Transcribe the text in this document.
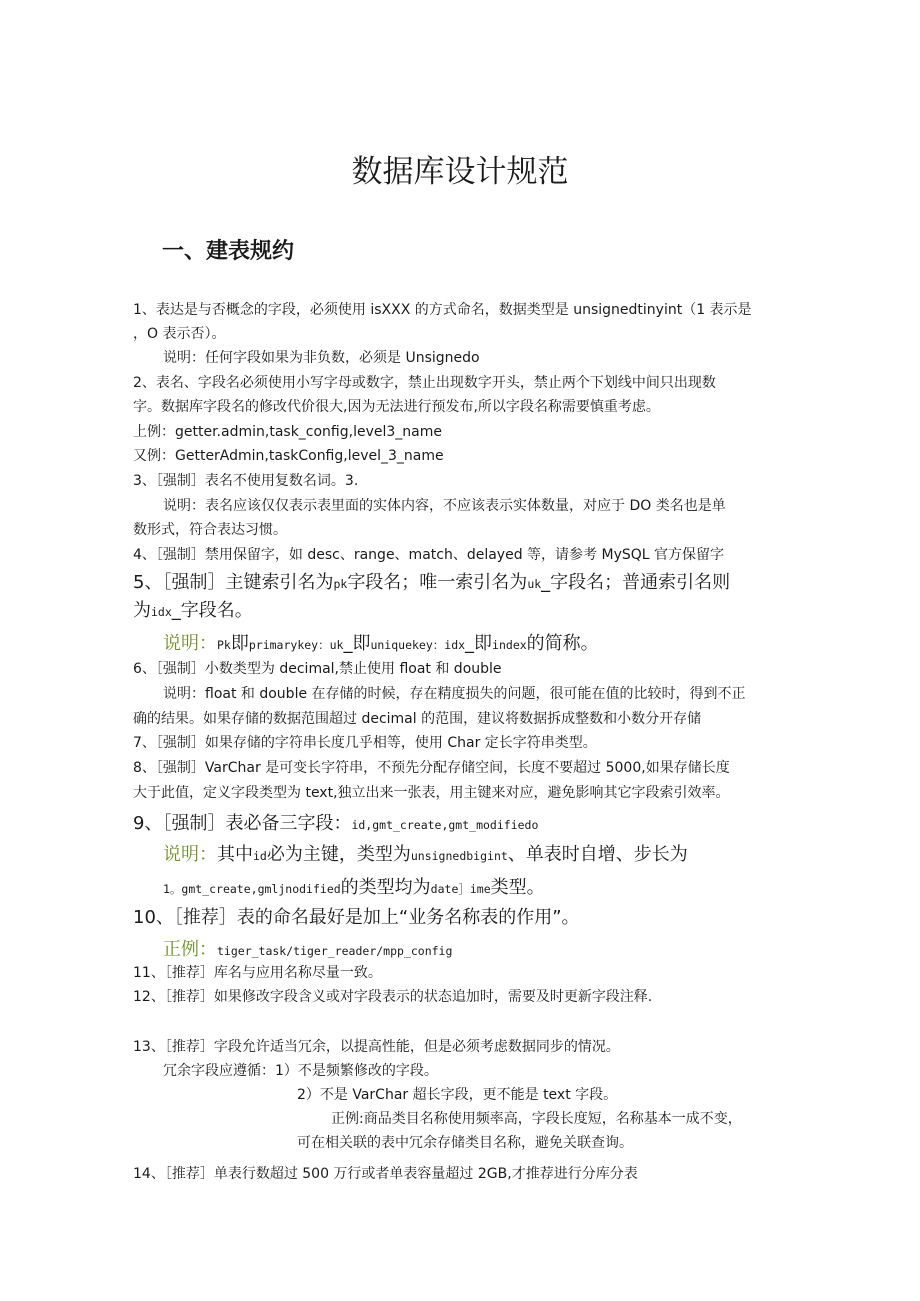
数据库设计规范
一、建表规约
1、表达是与否概念的字段，必须使用 isXXX 的方式命名，数据类型是 unsignedtinyint（1 表示是
，O 表示否）。
说明：任何字段如果为非负数，必须是 Unsignedo
2、表名、字段名必须使用小写字母或数字，禁止出现数字开头，禁止两个下划线中间只出现数
字。数据库字段名的修改代价很大,因为无法进行预发布,所以字段名称需要慎重考虑。
上例：getter.admin,task_config,level3_name
又例：GetterAdmin,taskConfig,level_3_name
3、［强制］表名不使用复数名词。3.
说明：表名应该仅仅表示表里面的实体内容，不应该表示实体数量，对应于 DO 类名也是单
数形式，符合表达习惯。
4、［强制］禁用保留字，如 desc、range、match、delayed 等，请参考 MySQL 官方保留字
5、［强制］主键索引名为pk字段名；唯一索引名为uk_字段名；普通索引名则
为idx_字段名。
说明：Pk即primarykey：uk_即uniquekey：idx_即index的简称。
6、［强制］小数类型为 decimal,禁止使用 float 和 double
说明：float 和 double 在存储的时候，存在精度损失的问题，很可能在值的比较时，得到不正
确的结果。如果存储的数据范围超过 decimal 的范围，建议将数据拆成整数和小数分开存储
7、［强制］如果存储的字符串长度几乎相等，使用 Char 定长字符串类型。
8、［强制］VarChar 是可变长字符串，不预先分配存储空间，长度不要超过 5000,如果存储长度
大于此值，定义字段类型为 text,独立出来一张表，用主键来对应，避免影响其它字段索引效率。
9、［强制］表必备三字段：id,gmt_create,gmt_modifiedo
说明：其中id必为主键，类型为unsignedbigint、单表时自增、步长为
1。gmt_create,gmljnodified的类型均为date］ime类型。
10、［推荐］表的命名最好是加上“业务名称表的作用”。
正例：tiger_task/tiger_reader/mpp_config
11、［推荐］库名与应用名称尽量一致。
12、［推荐］如果修改字段含义或对字段表示的状态追加时，需要及时更新字段注释.
13、［推荐］字段允许适当冗余，以提高性能，但是必须考虑数据同步的情况。
冗余字段应遵循：1）不是频繁修改的字段。
2）不是 VarChar 超长字段，更不能是 text 字段。
正例:商品类目名称使用频率高，字段长度短，名称基本一成不变，
可在相关联的表中冗余存储类目名称，避免关联查询。
14、［推荐］单表行数超过 500 万行或者单表容量超过 2GB,才推荐进行分库分表
